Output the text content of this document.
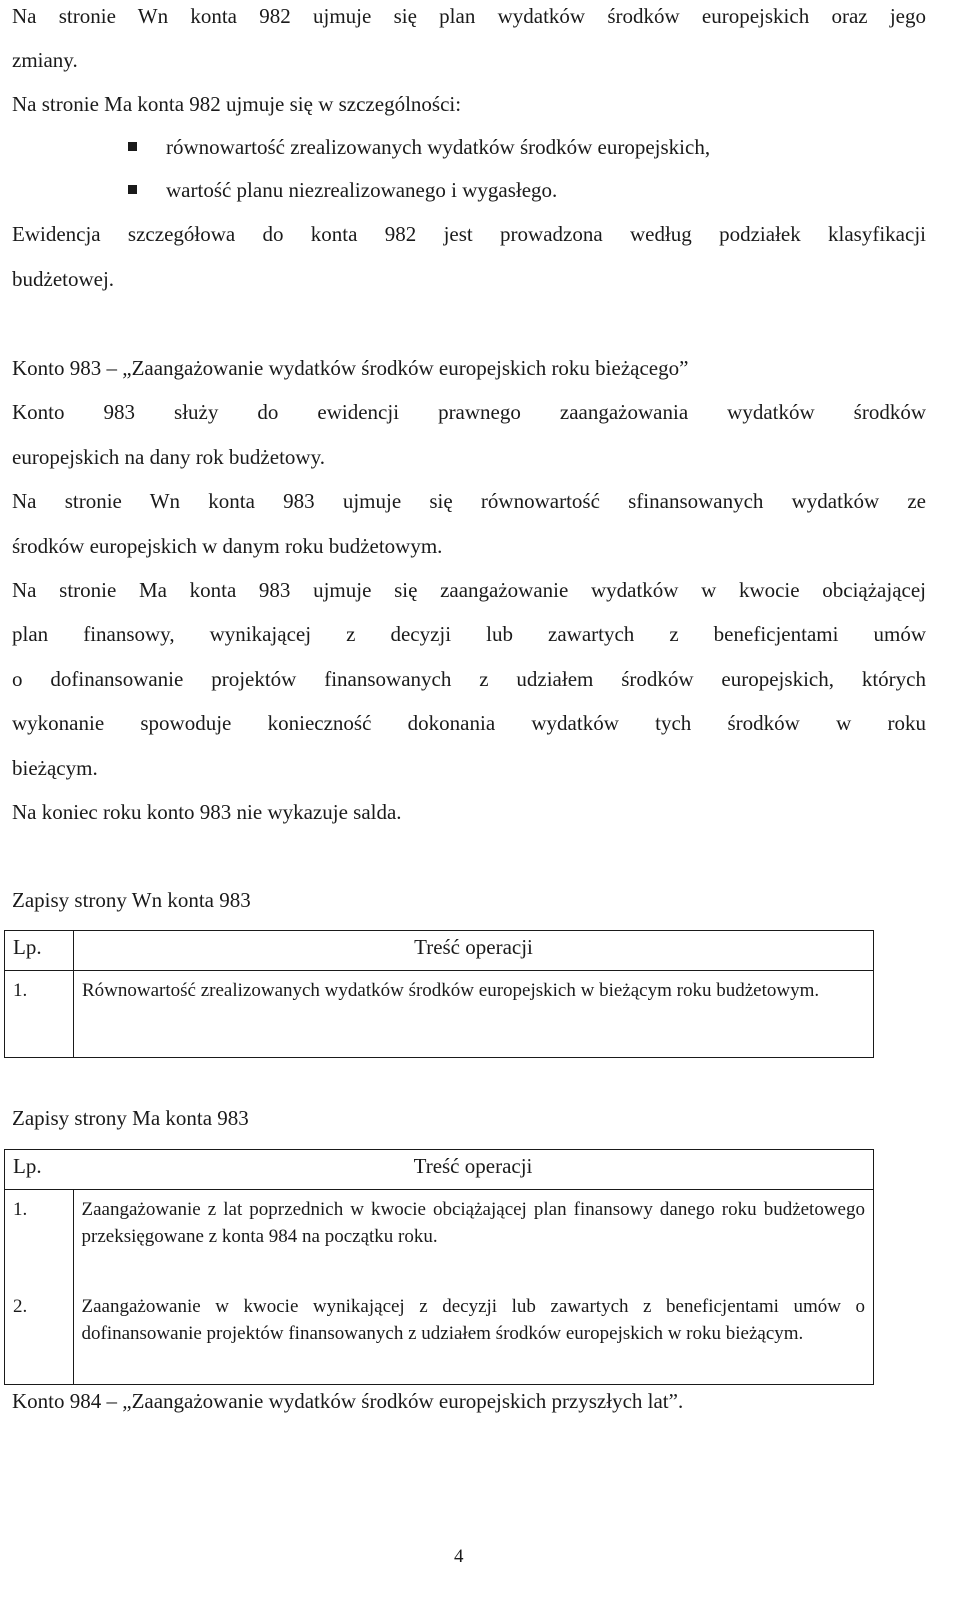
Na stronie Wn konta 982 ujmuje się plan wydatków środków europejskich oraz jego
zmiany.
Na stronie Ma konta 982 ujmuje się w szczególności:
równowartość zrealizowanych wydatków środków europejskich,
wartość planu niezrealizowanego i wygasłego.
Ewidencja szczegółowa do konta 982 jest prowadzona według podziałek klasyfikacji
budżetowej.
Konto 983 – „Zaangażowanie wydatków środków europejskich roku bieżącego”
Konto 983 służy do ewidencji prawnego zaangażowania wydatków środków
europejskich na dany rok budżetowy.
Na stronie Wn konta 983 ujmuje się równowartość sfinansowanych wydatków ze
środków europejskich w danym roku budżetowym.
Na stronie Ma konta 983 ujmuje się zaangażowanie wydatków w kwocie obciążającej
plan finansowy, wynikającej z decyzji lub zawartych z beneficjentami umów
o dofinansowanie projektów finansowanych z udziałem środków europejskich, których
wykonanie spowoduje konieczność dokonania wydatków tych środków w roku
bieżącym.
Na koniec roku konto 983 nie wykazuje salda.
Zapisy strony Wn konta 983
Lp.	Treść operacji
1.	Równowartość zrealizowanych wydatków środków europejskich w bieżącym roku budżetowym.
Zapisy strony Ma konta 983
Lp.	Treść operacji
1.	Zaangażowanie z lat poprzednich w kwocie obciążającej plan finansowy danego roku budżetowego przeksięgowane z konta 984 na początku roku.
2.	Zaangażowanie w kwocie wynikającej z decyzji lub zawartych z beneficjentami umów o dofinansowanie projektów finansowanych z udziałem środków europejskich w roku bieżącym.
Konto 984 – „Zaangażowanie wydatków środków europejskich przyszłych lat”.
4
